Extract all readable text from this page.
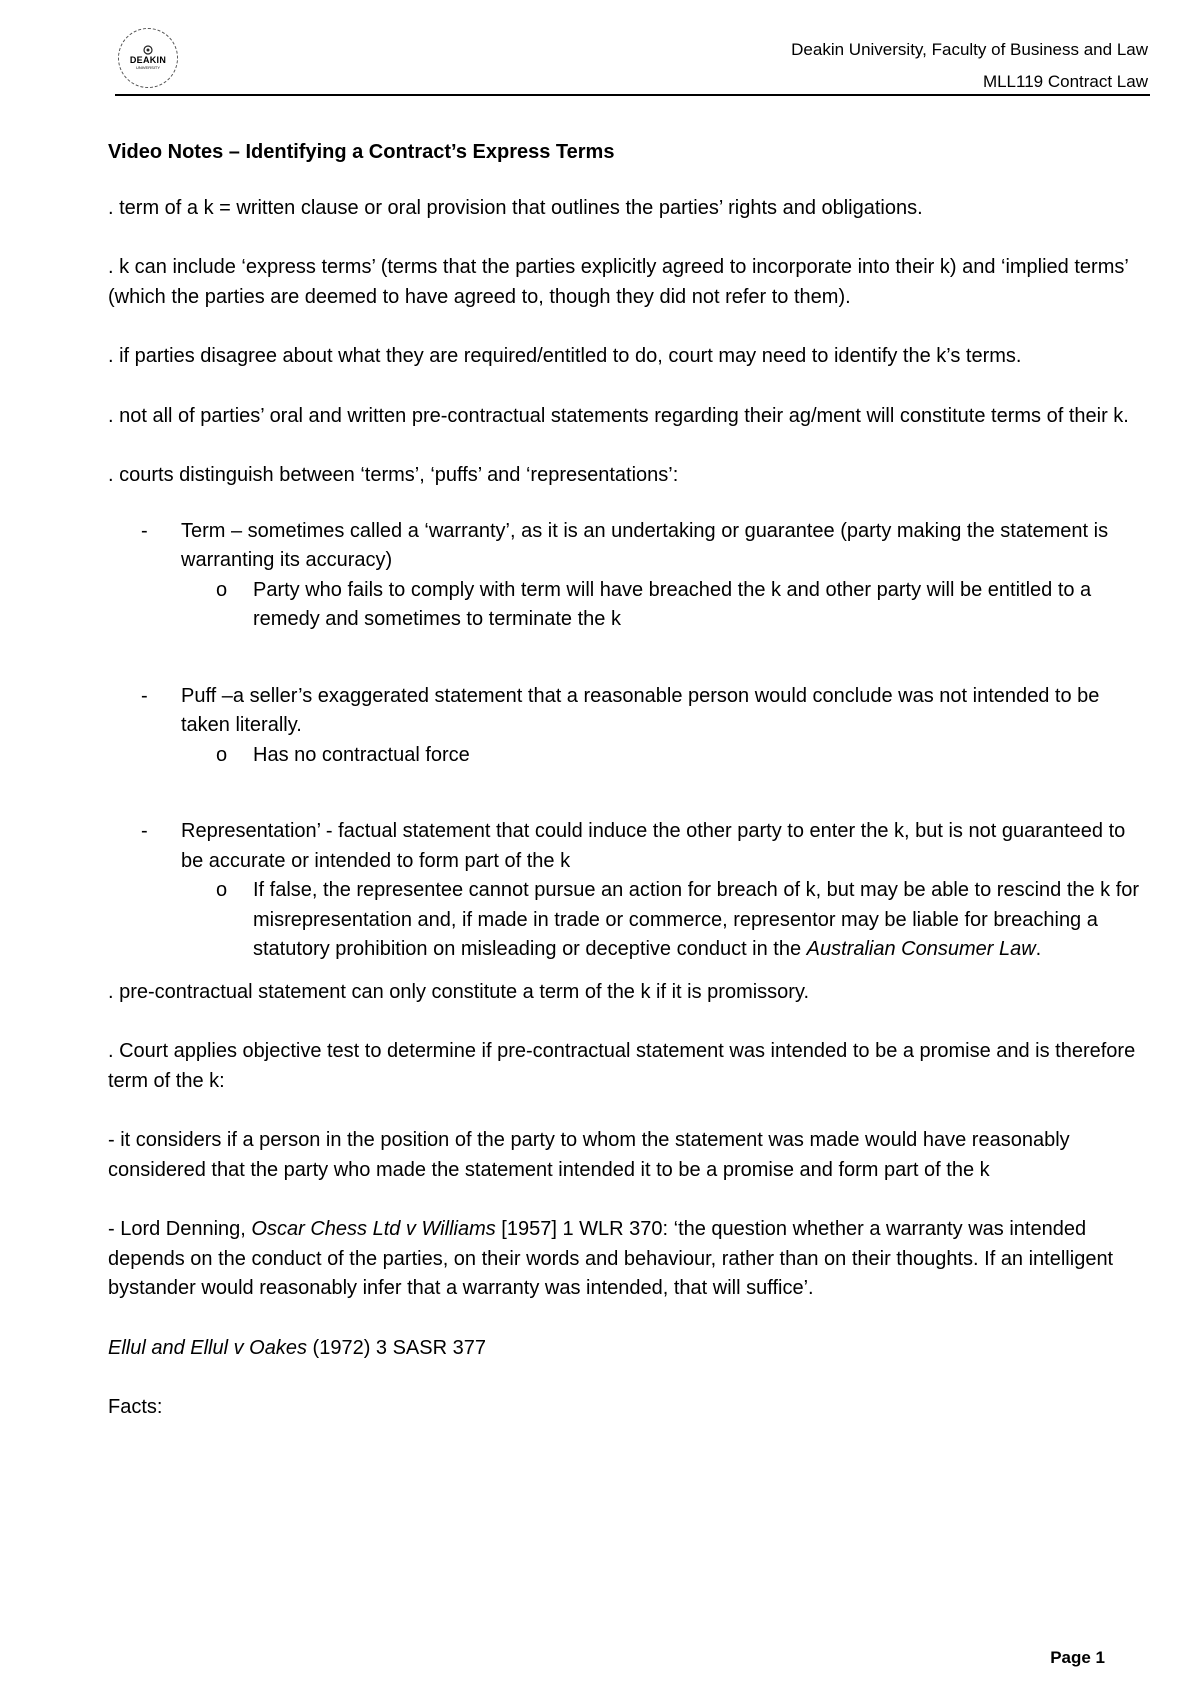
DEAKIN
UNIVERSITY
Deakin University, Faculty of Business and Law
MLL119 Contract Law

Video Notes – Identifying a Contract’s Express Terms

. term of a k = written clause or oral provision that outlines the parties’ rights and obligations.

. k can include ‘express terms’ (terms that the parties explicitly agreed to incorporate into their k) and ‘implied terms’ (which the parties are deemed to have agreed to, though they did not refer to them).

. if parties disagree about what they are required/entitled to do, court may need to identify the k’s terms.

. not all of parties’ oral and written pre-contractual statements regarding their ag/ment will constitute terms of their k.

. courts distinguish between ‘terms’, ‘puffs’ and ‘representations’:

- Term – sometimes called a ‘warranty’, as it is an undertaking or guarantee (party making the statement is warranting its accuracy)
o Party who fails to comply with term will have breached the k and other party will be entitled to a remedy and sometimes to terminate the k
- Puff –a seller’s exaggerated statement that a reasonable person would conclude was not intended to be taken literally.
o Has no contractual force
- Representation’ - factual statement that could induce the other party to enter the k, but is not guaranteed to be accurate or intended to form part of the k
o If false, the representee cannot pursue an action for breach of k, but may be able to rescind the k for misrepresentation and, if made in trade or commerce, representor may be liable for breaching a statutory prohibition on misleading or deceptive conduct in the Australian Consumer Law.

. pre-contractual statement can only constitute a term of the k if it is promissory.

. Court applies objective test to determine if pre-contractual statement was intended to be a promise and is therefore term of the k:

- it considers if a person in the position of the party to whom the statement was made would have reasonably considered that the party who made the statement intended it to be a promise and form part of the k

- Lord Denning, Oscar Chess Ltd v Williams [1957] 1 WLR 370: ‘the question whether a warranty was intended depends on the conduct of the parties, on their words and behaviour, rather than on their thoughts. If an intelligent bystander would reasonably infer that a warranty was intended, that will suffice’.

Ellul and Ellul v Oakes (1972) 3 SASR 377

Facts:

Page 1
